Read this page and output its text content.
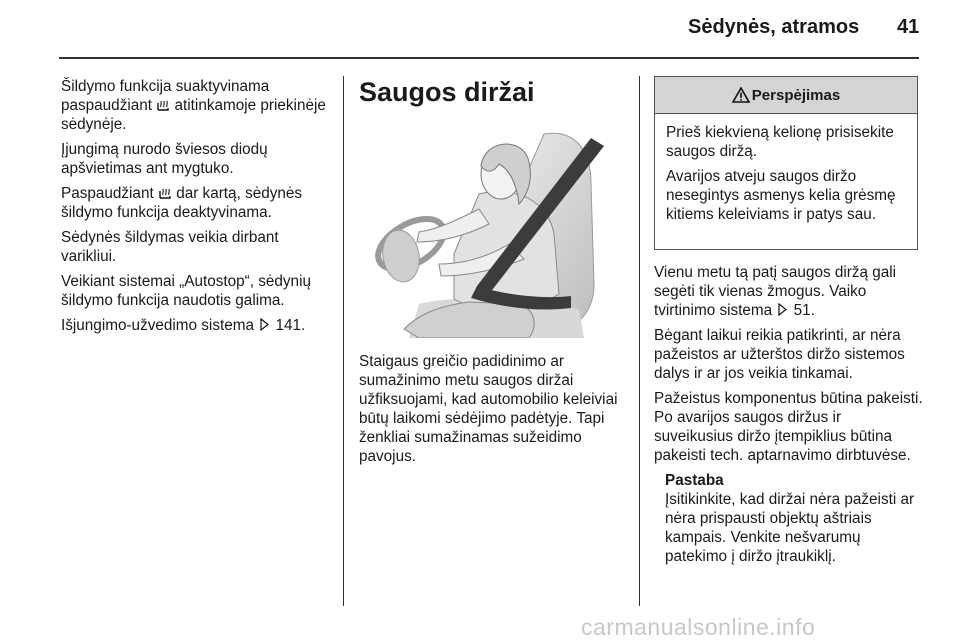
Sėdynės, atramos 41

Šildymo funkcija suaktyvinama paspaudžiant atitinkamoje priekinėje sėdynėje.

Įjungimą nurodo šviesos diodų apšvietimas ant mygtuko.

Paspaudžiant dar kartą, sėdynės šildymo funkcija deaktyvinama.

Sėdynės šildymas veikia dirbant varikliui.

Veikiant sistemai „Autostop“, sėdynių šildymo funkcija naudotis galima.

Išjungimo-užvedimo sistema 141.

Saugos diržai

Staigaus greičio padidinimo ar sumažinimo metu saugos diržai užfiksuojami, kad automobilio keleiviai būtų laikomi sėdėjimo padėtyje. Tapi ženkliai sumažinamas sužeidimo pavojus.

Perspėjimas

Prieš kiekvieną kelionę prisisekite saugos diržą.

Avarijos atveju saugos diržo nesegintys asmenys kelia grėsmę kitiems keleiviams ir patys sau.

Vienu metu tą patį saugos diržą gali segėti tik vienas žmogus. Vaiko tvirtinimo sistema 51.

Bėgant laikui reikia patikrinti, ar nėra pažeistos ar užterštos diržo sistemos dalys ir ar jos veikia tinkamai.

Pažeistus komponentus būtina pakeisti. Po avarijos saugos diržus ir suveikusius diržo įtempiklius būtina pakeisti tech. aptarnavimo dirbtuvėse.

Pastaba

Įsitikinkite, kad diržai nėra pažeisti ar nėra prispausti objektų aštriais kampais. Venkite nešvarumų patekimo į diržo įtraukiklį.

carmanualsonline.info
